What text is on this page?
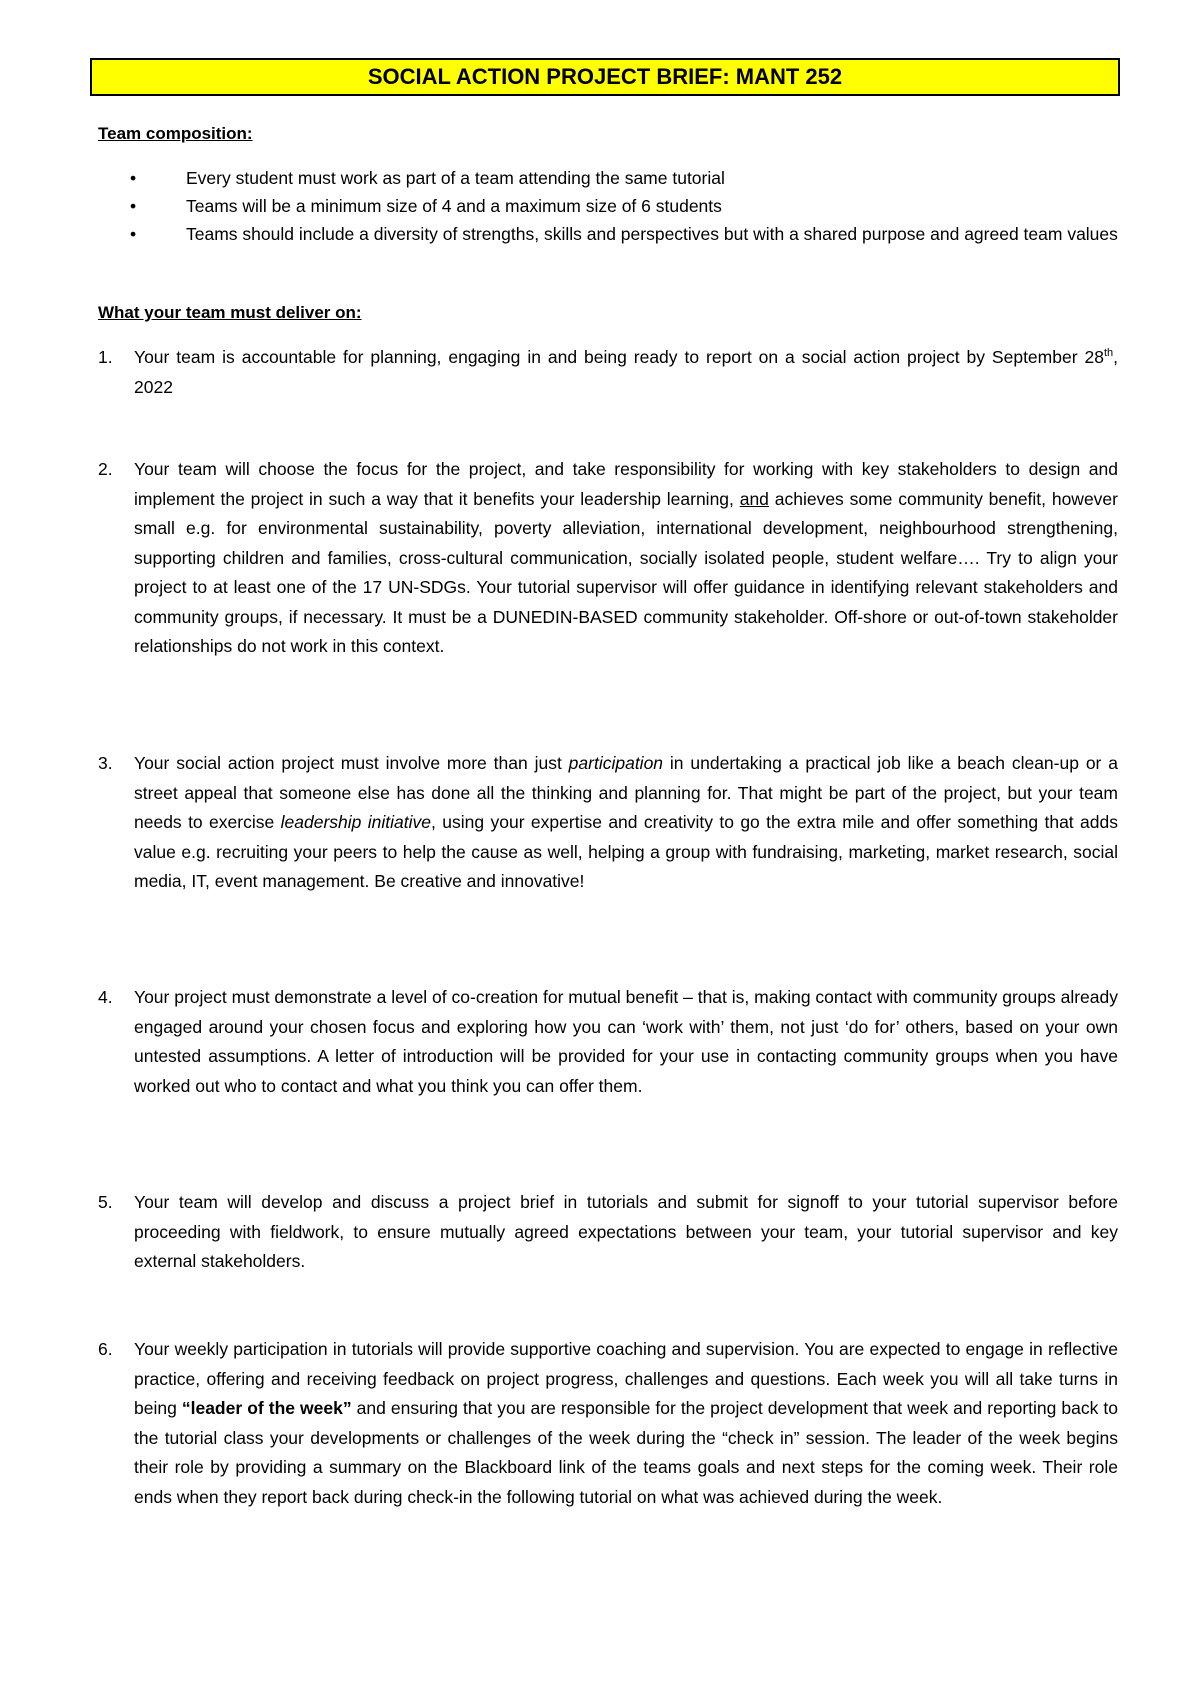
SOCIAL ACTION PROJECT BRIEF: MANT 252
Team composition:
•	Every student must work as part of a team attending the same tutorial
•	Teams will be a minimum size of 4 and a maximum size of 6 students
•	Teams should include a diversity of strengths, skills and perspectives but with a shared purpose and agreed team values
What your team must deliver on:
1. Your team is accountable for planning, engaging in and being ready to report on a social action project by September 28th, 2022
2. Your team will choose the focus for the project, and take responsibility for working with key stakeholders to design and implement the project in such a way that it benefits your leadership learning, and achieves some community benefit, however small e.g. for environmental sustainability, poverty alleviation, international development, neighbourhood strengthening, supporting children and families, cross-cultural communication, socially isolated people, student welfare…. Try to align your project to at least one of the 17 UN-SDGs. Your tutorial supervisor will offer guidance in identifying relevant stakeholders and community groups, if necessary. It must be a DUNEDIN-BASED community stakeholder. Off-shore or out-of-town stakeholder relationships do not work in this context.
3. Your social action project must involve more than just participation in undertaking a practical job like a beach clean-up or a street appeal that someone else has done all the thinking and planning for. That might be part of the project, but your team needs to exercise leadership initiative, using your expertise and creativity to go the extra mile and offer something that adds value e.g. recruiting your peers to help the cause as well, helping a group with fundraising, marketing, market research, social media, IT, event management. Be creative and innovative!
4. Your project must demonstrate a level of co-creation for mutual benefit – that is, making contact with community groups already engaged around your chosen focus and exploring how you can ‘work with’ them, not just ‘do for’ others, based on your own untested assumptions. A letter of introduction will be provided for your use in contacting community groups when you have worked out who to contact and what you think you can offer them.
5. Your team will develop and discuss a project brief in tutorials and submit for signoff to your tutorial supervisor before proceeding with fieldwork, to ensure mutually agreed expectations between your team, your tutorial supervisor and key external stakeholders.
6. Your weekly participation in tutorials will provide supportive coaching and supervision. You are expected to engage in reflective practice, offering and receiving feedback on project progress, challenges and questions. Each week you will all take turns in being “leader of the week” and ensuring that you are responsible for the project development that week and reporting back to the tutorial class your developments or challenges of the week during the “check in” session. The leader of the week begins their role by providing a summary on the Blackboard link of the teams goals and next steps for the coming week. Their role ends when they report back during check-in the following tutorial on what was achieved during the week.
